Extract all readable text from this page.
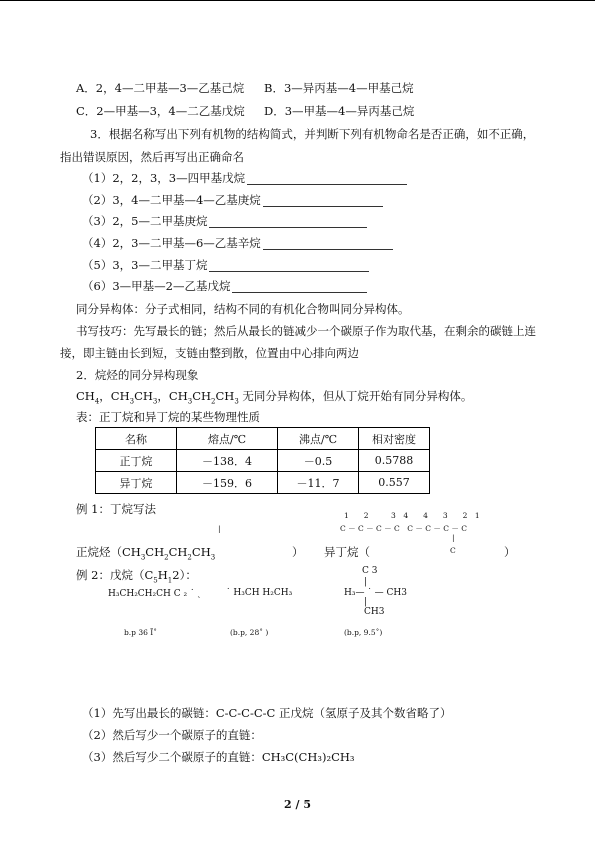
A．2，4—二甲基—3—乙基己烷 B．3—异丙基—4—甲基己烷
C．2—甲基—3，4—二乙基戊烷 D．3—甲基—4—异丙基己烷
3．根据名称写出下列有机物的结构简式，并判断下列有机物命名是否正确，如不正确，
指出错误原因，然后再写出正确命名
（1）2，2，3，3—四甲基戊烷
（2）3，4—二甲基—4—乙基庚烷
（3）2，5—二甲基庚烷
（4）2，3—二甲基—6—乙基辛烷
（5）3，3—二甲基丁烷
（6）3—甲基—2—乙基戊烷
同分异构体：分子式相同，结构不同的有机化合物叫同分异构体。
书写技巧：先写最长的链；然后从最长的链减少一个碳原子作为取代基，在剩余的碳链上连
接，即主链由长到短，支链由整到散，位置由中心排向两边
2．烷烃的同分异构现象
$CH_4$，$CH_3CH_3$，$CH_3CH_2CH_3$ 无同分异构体，但从丁烷开始有同分异构体。
表：正丁烷和异丁烷的某些物理性质
名称	熔点/℃	沸点/℃	相对密度
正丁烷	－138．4	－0.5	0.5788
异丁烷	－159．6	－11．7	0.557
例 1：丁烷写法	1　　2　　　3　4　　4　　3　　2　1
C － C － C － C　C － C － C － C
|
|
C
正烷烃（$CH_3CH_2CH_2CH_3$	） 异丁烷（	）
例 2：戊烷$(C_5H_12)$：
H₃CH₂CH₂CH C ₂ ˙ ˏ	˙ H₃CH H₂CH₃
C 3
|
H₃— ˙ — CH3
|
CH3
b.p 36 Ĩ˚	(b.p, 28˚ )	(b.p, 9.5˚)
（1）先写出最长的碳链：C-C-C-C-C 正戊烷（氢原子及其个数省略了）
（2）然后写少一个碳原子的直链：
（3）然后写少二个碳原子的直链：CH₃C(CH₃)₂CH₃
2 / 5
